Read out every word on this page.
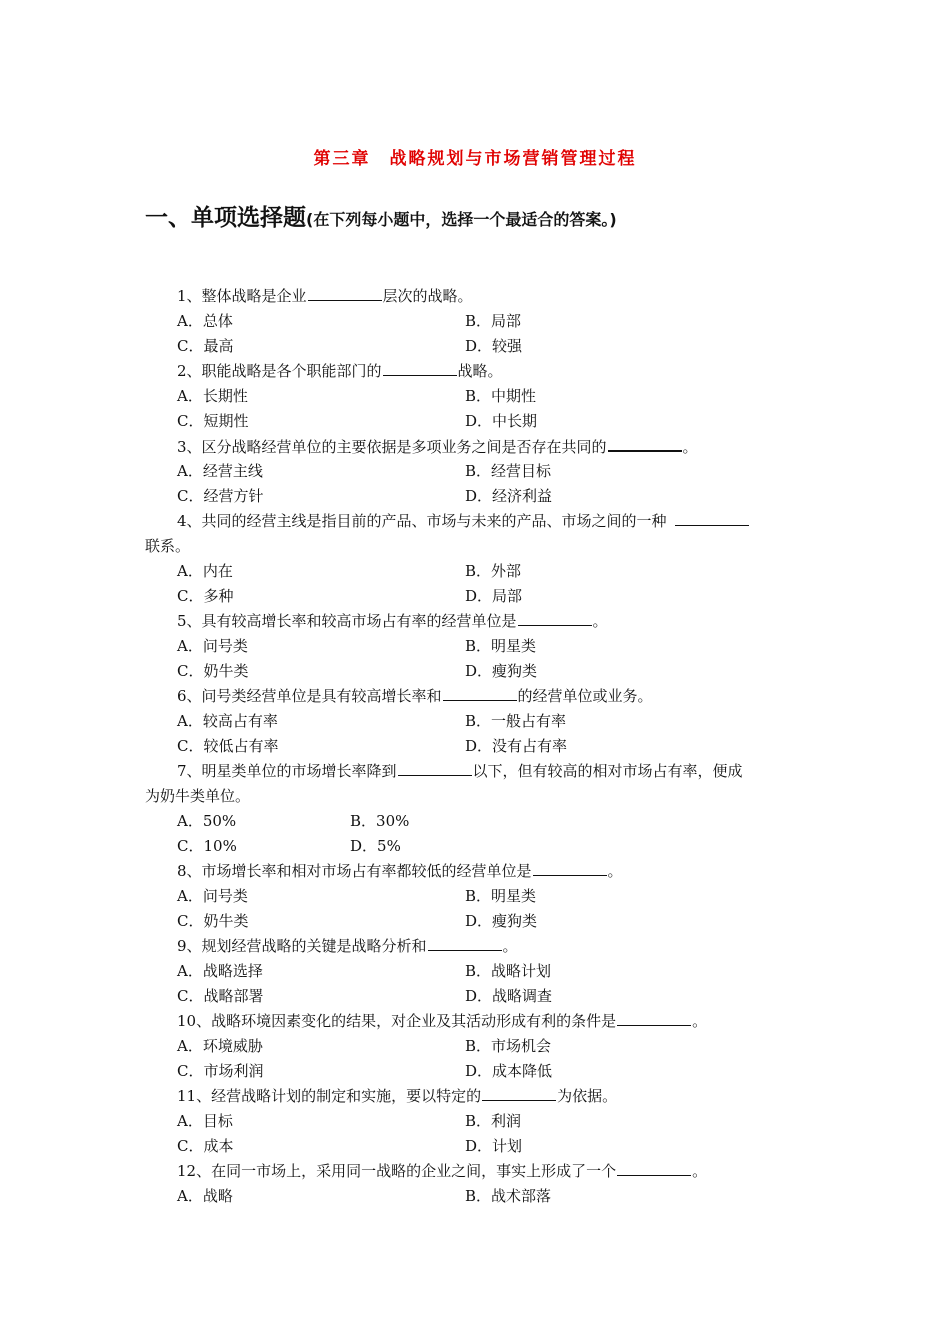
第三章　战略规划与市场营销管理过程
一、单项选择题(在下列每小题中，选择一个最适合的答案。)
1、整体战略是企业	层次的战略。
A．总体	B．局部
C．最高	D．较强
2、职能战略是各个职能部门的	战略。
A．长期性	B．中期性
C．短期性	D．中长期
3、区分战略经营单位的主要依据是多项业务之间是否存在共同的	。
A．经营主线	B．经营目标
C．经营方针	D．经济利益
4、共同的经营主线是指目前的产品、市场与未来的产品、市场之间的一种
联系。
A．内在	B．外部
C．多种	D．局部
5、具有较高增长率和较高市场占有率的经营单位是	。
A．问号类	B．明星类
C．奶牛类	D．瘦狗类
6、问号类经营单位是具有较高增长率和	的经营单位或业务。
A．较高占有率	B．一般占有率
C．较低占有率	D．没有占有率
7、明星类单位的市场增长率降到	以下，但有较高的相对市场占有率，便成
为奶牛类单位。
A．50%	B．30%
C．10%	D．5%
8、市场增长率和相对市场占有率都较低的经营单位是	。
A．问号类	B．明星类
C．奶牛类	D．瘦狗类
9、规划经营战略的关键是战略分析和	。
A．战略选择	B．战略计划
C．战略部署	D．战略调查
10、战略环境因素变化的结果，对企业及其活动形成有利的条件是	。
A．环境威胁	B．市场机会
C．市场利润	D．成本降低
11、经营战略计划的制定和实施，要以特定的	为依据。
A．目标	B．利润
C．成本	D．计划
12、在同一市场上，采用同一战略的企业之间，事实上形成了一个	。
A．战略	B．战术部落
